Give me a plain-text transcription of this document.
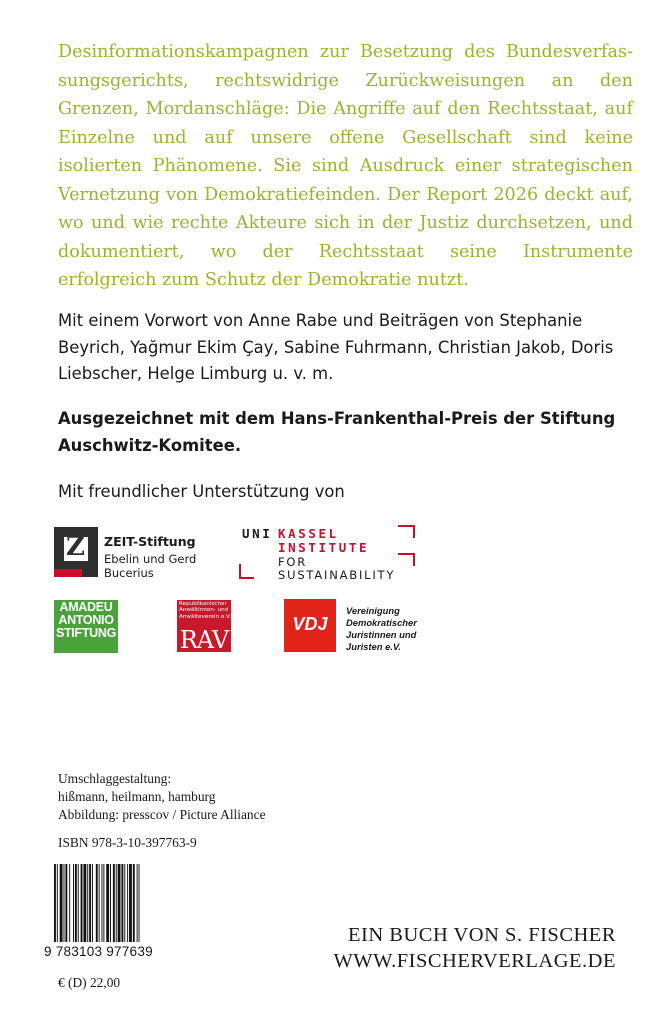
Desinformationskampagnen zur Besetzung des Bundesverfassungsgerichts, rechtswidrige Zurückweisungen an den Grenzen, Mordanschläge: Die Angriffe auf den Rechtsstaat, auf Einzelne und auf unsere offene Gesellschaft sind keine isolierten Phänomene. Sie sind Ausdruck einer strategischen Vernetzung von Demokratiefeinden. Der Report 2026 deckt auf, wo und wie rechte Akteure sich in der Justiz durchsetzen, und dokumentiert, wo der Rechtsstaat seine Instrumente erfolgreich zum Schutz der Demokratie nutzt.

Mit einem Vorwort von Anne Rabe und Beiträgen von Stephanie Beyrich, Yağmur Ekim Çay, Sabine Fuhrmann, Christian Jakob, Doris Liebscher, Helge Limburg u. v. m.

Ausgezeichnet mit dem Hans-Frankenthal-Preis der Stiftung Auschwitz-Komitee.

Mit freundlicher Unterstützung von

Z ZEIT-Stiftung
Ebelin und Gerd
Bucerius
UNI KASSEL
INSTITUTE
FOR
SUSTAINABILITY
AMADEU
ANTONIO
STIFTUNG
Republikanischer Anwältinnen- und Anwälteverein e.V.
RAV
VDJ
Vereinigung
Demokratischer
Juristinnen und
Juristen e.V.
Umschlaggestaltung:
hißmann, heilmann, hamburg
Abbildung: presscov / Picture Alliance
ISBN 978-3-10-397763-9
9 783103 977639
€ (D) 22,00
EIN BUCH VON S. FISCHER
WWW.FISCHERVERLAGE.DE
